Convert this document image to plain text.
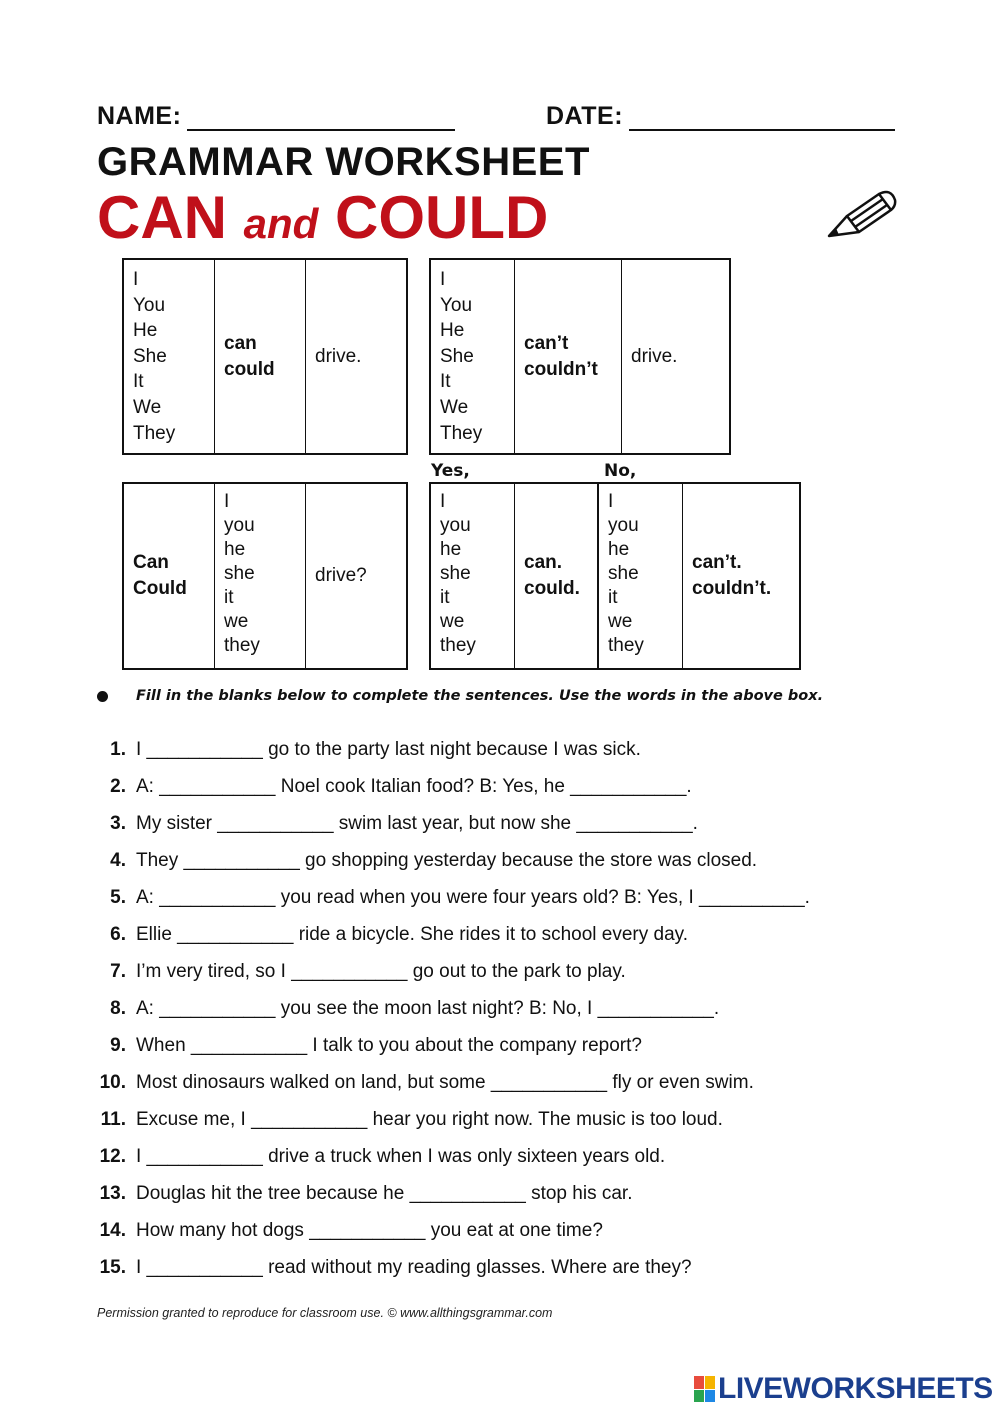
NAME:	DATE:
GRAMMAR WORKSHEET
CAN and COULD
I
You
He
She
It
We
They
can
could
drive.
I
You
He
She
It
We
They
can’t
couldn’t
drive.
Yes,	No,
Can
Could
I
you
he
she
it
we
they
drive?
I
you
he
she
it
we
they
can.
could.
I
you
he
she
it
we
they
can’t.
couldn’t.
Fill in the blanks below to complete the sentences. Use the words in the above box.
1. I ___________ go to the party last night because I was sick.
2. A: ___________ Noel cook Italian food? B: Yes, he ___________.
3. My sister ___________ swim last year, but now she ___________.
4. They ___________ go shopping yesterday because the store was closed.
5. A: ___________ you read when you were four years old? B: Yes, I __________.
6. Ellie ___________ ride a bicycle. She rides it to school every day.
7. I’m very tired, so I ___________ go out to the park to play.
8. A: ___________ you see the moon last night? B: No, I ___________.
9. When ___________ I talk to you about the company report?
10. Most dinosaurs walked on land, but some ___________ fly or even swim.
11. Excuse me, I ___________ hear you right now. The music is too loud.
12. I ___________ drive a truck when I was only sixteen years old.
13. Douglas hit the tree because he ___________ stop his car.
14. How many hot dogs ___________ you eat at one time?
15. I ___________ read without my reading glasses. Where are they?
Permission granted to reproduce for classroom use. © www.allthingsgrammar.com
LIVEWORKSHEETS
